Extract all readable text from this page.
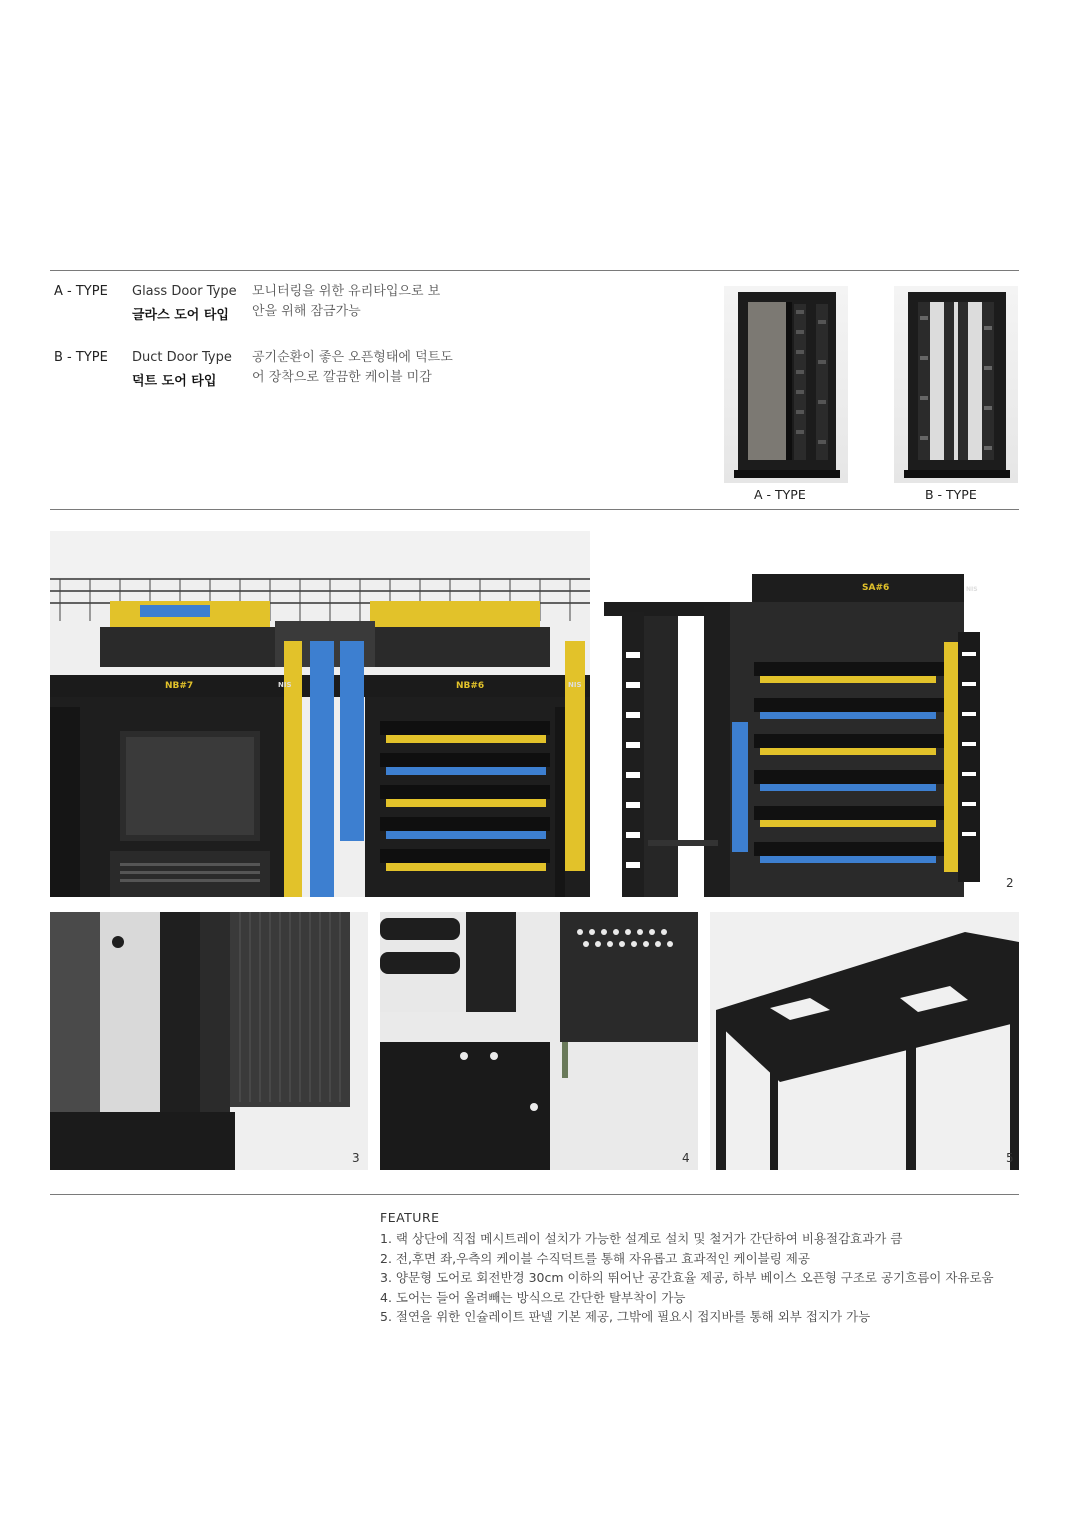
A - TYPE Glass Door Type
글라스 도어 타입
모니터링을 위한 유리타입으로 보
안을 위해 잠금가능
B - TYPE Duct Door Type
덕트 도어 타입
공기순환이 좋은 오픈형태에 덕트도
어 장착으로 깔끔한 케이블 미감
A - TYPE	B - TYPE
NB#7	NIS	NB#6	NIS
SA#6	NIS
2
3	4	5
FEATURE
1. 랙 상단에 직접 메시트레이 설치가 가능한 설계로 설치 및 철거가 간단하여 비용절감효과가 큼
2. 전,후면 좌,우측의 케이블 수직덕트를 통해 자유롭고 효과적인 케이블링 제공
3. 양문형 도어로 회전반경 30cm 이하의 뛰어난 공간효율 제공, 하부 베이스 오픈형 구조로 공기흐름이 자유로움
4. 도어는 들어 올려빼는 방식으로 간단한 탈부착이 가능
5. 절연을 위한 인슐레이트 판넬 기본 제공, 그밖에 필요시 접지바를 통해 외부 접지가 가능
